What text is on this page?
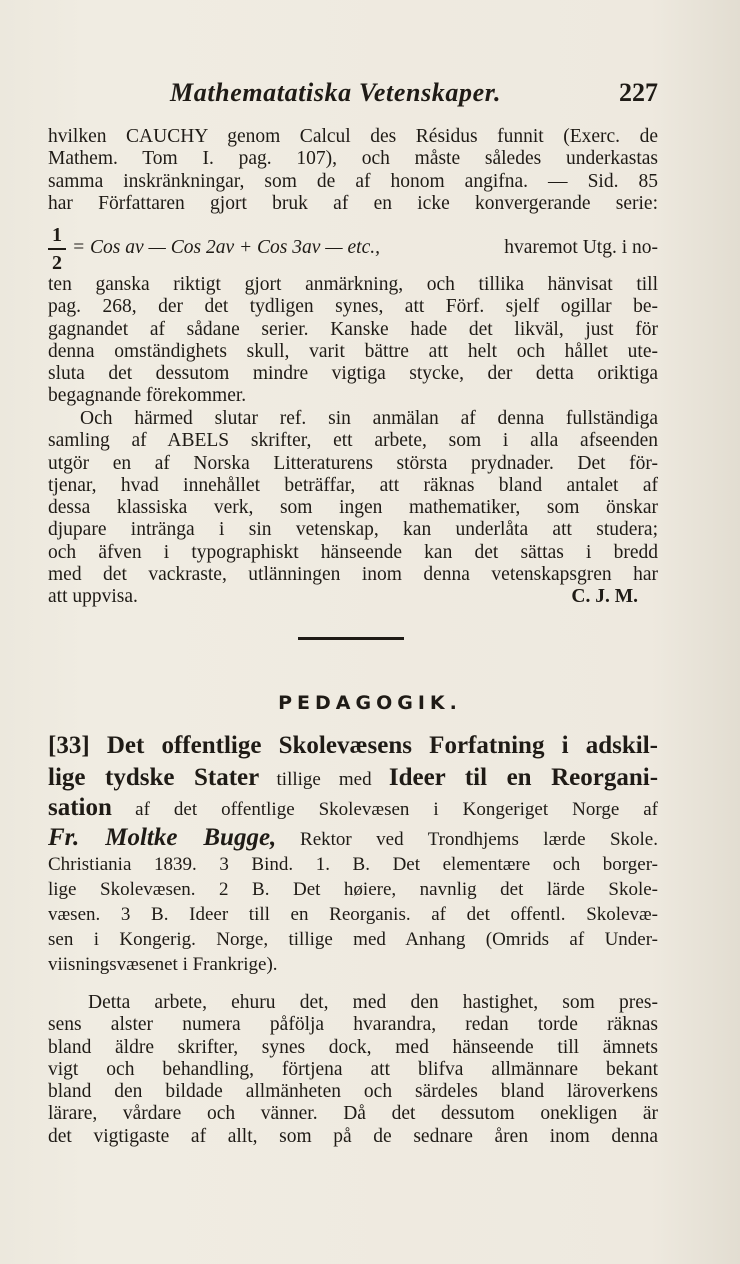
Mathematatiska Vetenskaper.	227
hvilken CAUCHY genom Calcul des Résidus funnit (Exerc. de
Mathem. Tom I. pag. 107), och måste således underkastas
samma inskränkningar, som de af honom angifna. — Sid. 85
har Författaren gjort bruk af en icke konvergerande serie:
1
2
= Cos av — Cos 2av + Cos 3av — etc.,	hvaremot Utg. i no-
ten ganska riktigt gjort anmärkning, och tillika hänvisat till
pag. 268, der det tydligen synes, att Förf. sjelf ogillar be-
gagnandet af sådane serier. Kanske hade det likväl, just för
denna omständighets skull, varit bättre att helt och hållet ute-
sluta det dessutom mindre vigtiga stycke, der detta oriktiga
begagnande förekommer.
Och härmed slutar ref. sin anmälan af denna fullständiga
samling af ABELS skrifter, ett arbete, som i alla afseenden
utgör en af Norska Litteraturens största prydnader. Det för-
tjenar, hvad innehållet beträffar, att räknas bland antalet af
dessa klassiska verk, som ingen mathematiker, som önskar
djupare intränga i sin vetenskap, kan underlåta att studera;
och äfven i typographiskt hänseende kan det sättas i bredd
med det vackraste, utlänningen inom denna vetenskapsgren har
att uppvisa.	C. J. M.
PEDAGOGIK.
[33] Det offentlige Skolevæsens Forfatning i adskil-
lige tydske Stater tillige med Ideer til en Reorgani-
sation af det offentlige Skolevæsen i Kongeriget Norge af
Fr. Moltke Bugge, Rektor ved Trondhjems lærde Skole.
Christiania 1839. 3 Bind. 1. B. Det elementære och borger-
lige Skolevæsen. 2 B. Det høiere, navnlig det lärde Skole-
væsen. 3 B. Ideer till en Reorganis. af det offentl. Skolevæ-
sen i Kongerig. Norge, tillige med Anhang (Omrids af Under-
viisningsvæsenet i Frankrige).
Detta arbete, ehuru det, med den hastighet, som pres-
sens alster numera påfölja hvarandra, redan torde räknas
bland äldre skrifter, synes dock, med hänseende till ämnets
vigt och behandling, förtjena att blifva allmännare bekant
bland den bildade allmänheten och särdeles bland läroverkens
lärare, vårdare och vänner. Då det dessutom onekligen är
det vigtigaste af allt, som på de sednare åren inom denna
